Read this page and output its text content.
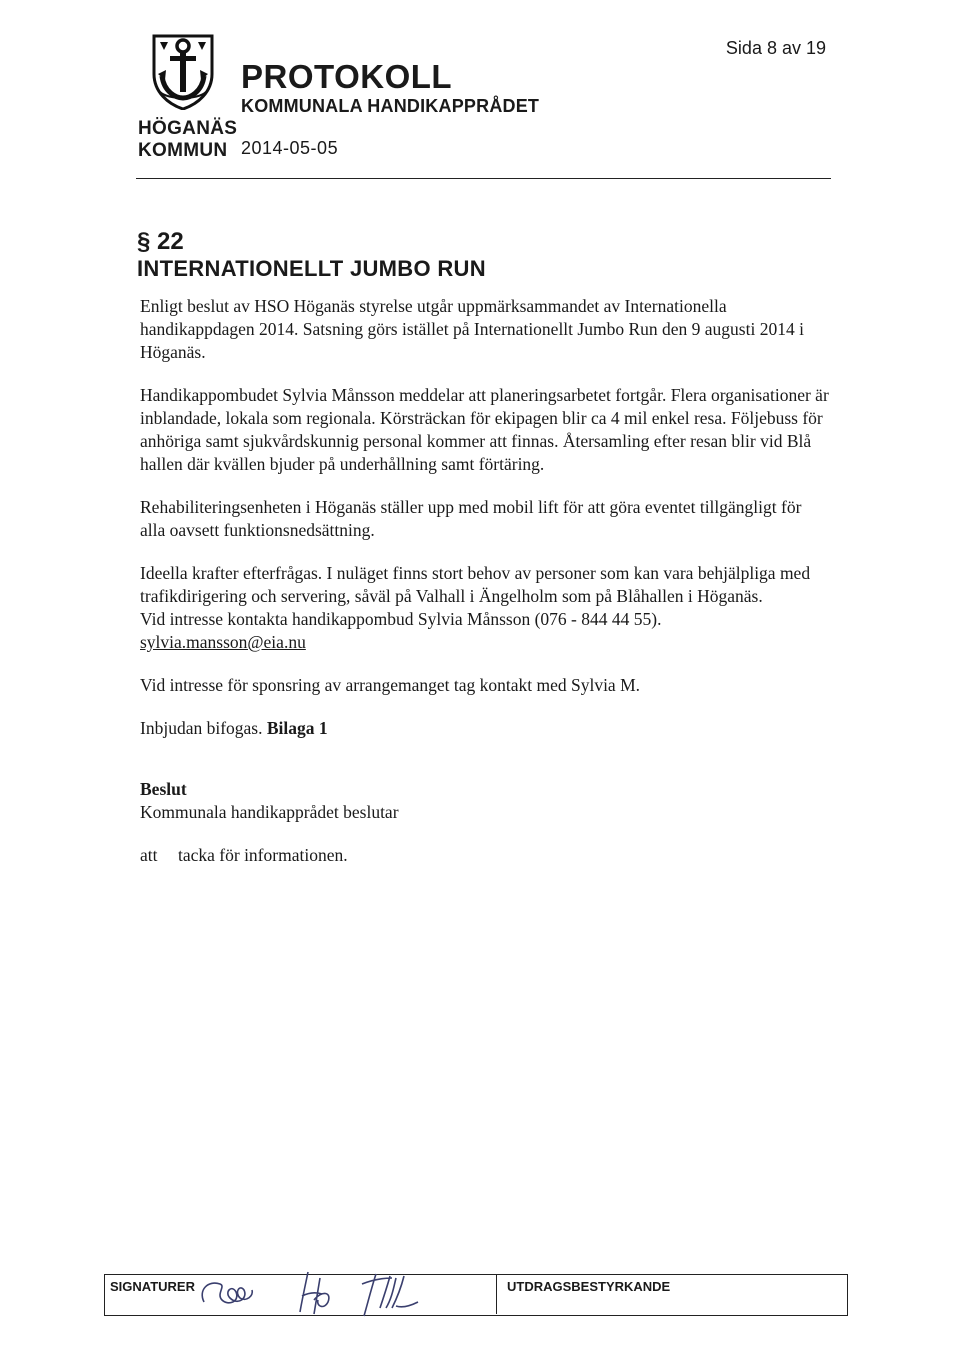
HÖGANÄS
KOMMUN
PROTOKOLL
KOMMUNALA HANDIKAPPRÅDET
2014-05-05
Sida 8 av 19
§ 22
INTERNATIONELLT JUMBO RUN

Enligt beslut av HSO Höganäs styrelse utgår uppmärksammandet av Internationella handikappdagen 2014. Satsning görs istället på Internationellt Jumbo Run den 9 augusti 2014 i Höganäs.

Handikappombudet Sylvia Månsson meddelar att planeringsarbetet fortgår. Flera organisationer är inblandade, lokala som regionala. Körsträckan för ekipagen blir ca 4 mil enkel resa. Följebuss för anhöriga samt sjukvårdskunnig personal kommer att finnas. Återsamling efter resan blir vid Blå hallen där kvällen bjuder på underhållning samt förtäring.

Rehabiliteringsenheten i Höganäs ställer upp med mobil lift för att göra eventet tillgängligt för alla oavsett funktionsnedsättning.

Ideella krafter efterfrågas. I nuläget finns stort behov av personer som kan vara behjälpliga med trafikdirigering och servering, såväl på Valhall i Ängelholm som på Blåhallen i Höganäs.

Vid intresse kontakta handikappombud Sylvia Månsson (076 - 844 44 55).

sylvia.mansson@eia.nu

Vid intresse för sponsring av arrangemanget tag kontakt med Sylvia M.

Inbjudan bifogas. Bilaga 1

Beslut

Kommunala handikapprådet beslutar

att tacka för informationen.

SIGNATURER	UTDRAGSBESTYRKANDE
